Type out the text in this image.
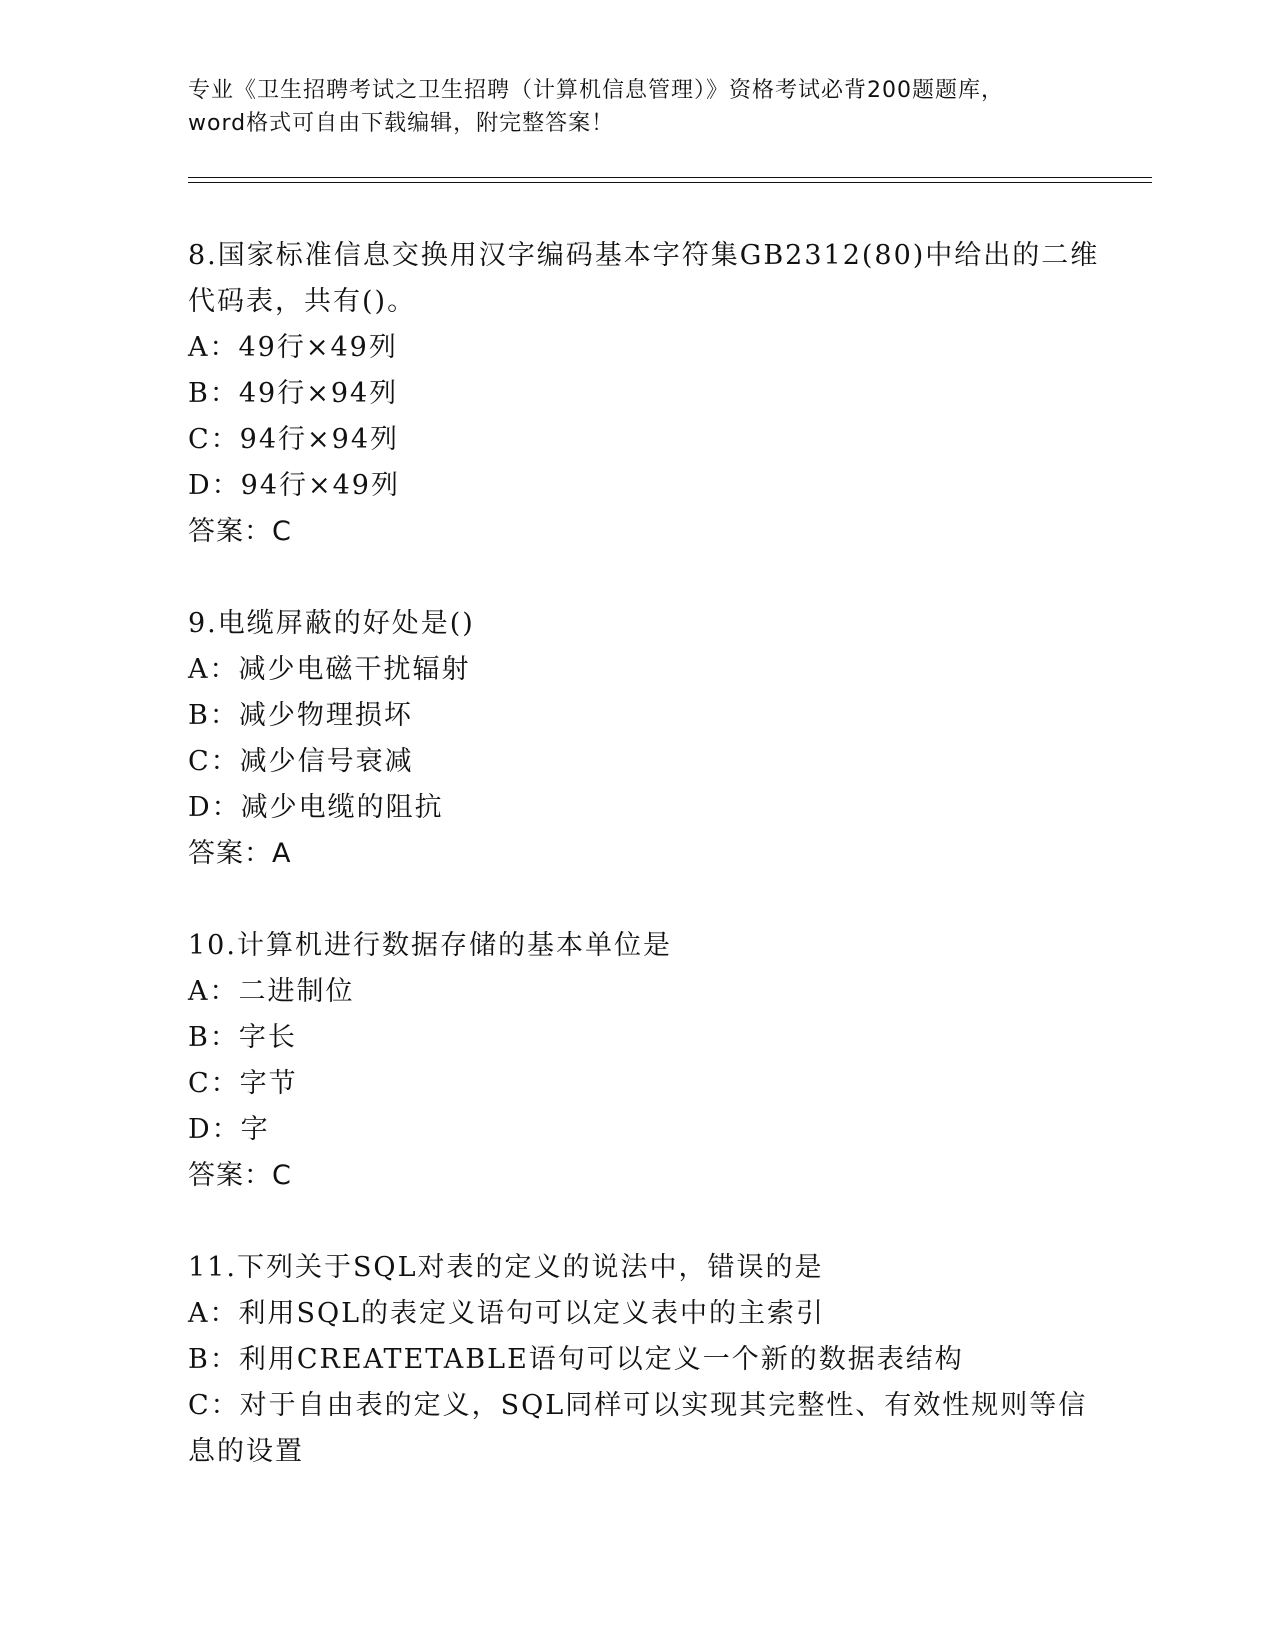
专业《卫生招聘考试之卫生招聘（计算机信息管理）》资格考试必背200题题库，
word格式可自由下载编辑，附完整答案！
8.国家标准信息交换用汉字编码基本字符集GB2312(80)中给出的二维
代码表，共有()。
A：49行×49列
B：49行×94列
C：94行×94列
D：94行×49列
答案：C
9.电缆屏蔽的好处是()
A：减少电磁干扰辐射
B：减少物理损坏
C：减少信号衰减
D：减少电缆的阻抗
答案：A
10.计算机进行数据存储的基本单位是
A：二进制位
B：字长
C：字节
D：字
答案：C
11.下列关于SQL对表的定义的说法中，错误的是
A：利用SQL的表定义语句可以定义表中的主索引
B：利用CREATETABLE语句可以定义一个新的数据表结构
C：对于自由表的定义，SQL同样可以实现其完整性、有效性规则等信
息的设置
